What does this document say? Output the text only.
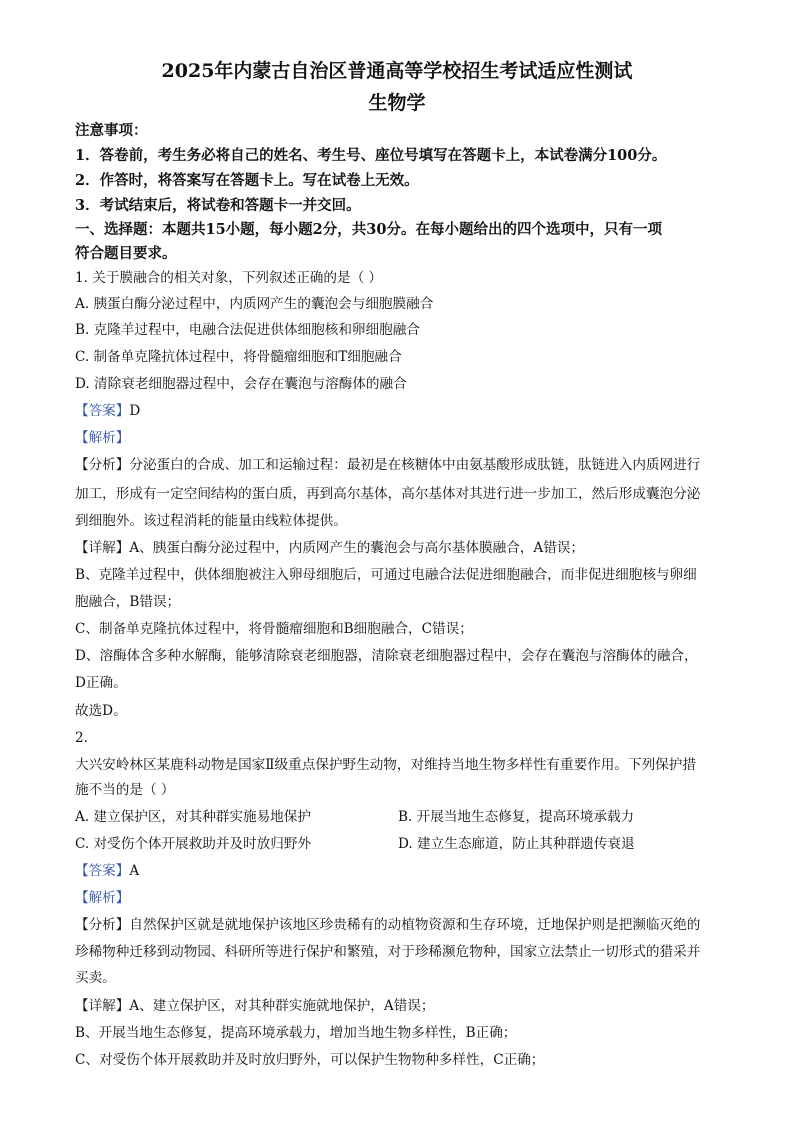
2025年内蒙古自治区普通高等学校招生考试适应性测试
生物学
注意事项：
1．答卷前，考生务必将自己的姓名、考生号、座位号填写在答题卡上，本试卷满分100分。
2．作答时，将答案写在答题卡上。写在试卷上无效。
3．考试结束后，将试卷和答题卡一并交回。
一、选择题：本题共15小题，每小题2分，共30分。在每小题给出的四个选项中，只有一项
符合题目要求。
1. 关于膜融合的相关对象，下列叙述正确的是（ ）
A. 胰蛋白酶分泌过程中，内质网产生的囊泡会与细胞膜融合
B. 克隆羊过程中，电融合法促进供体细胞核和卵细胞融合
C. 制备单克隆抗体过程中，将骨髓瘤细胞和T细胞融合
D. 清除衰老细胞器过程中，会存在囊泡与溶酶体的融合
【答案】D
【解析】
【分析】分泌蛋白的合成、加工和运输过程：最初是在核糖体中由氨基酸形成肽链，肽链进入内质网进行
加工，形成有一定空间结构的蛋白质，再到高尔基体，高尔基体对其进行进一步加工，然后形成囊泡分泌
到细胞外。该过程消耗的能量由线粒体提供。
【详解】A、胰蛋白酶分泌过程中，内质网产生的囊泡会与高尔基体膜融合，A错误；
B、克隆羊过程中，供体细胞被注入卵母细胞后，可通过电融合法促进细胞融合，而非促进细胞核与卵细
胞融合，B错误；
C、制备单克隆抗体过程中，将骨髓瘤细胞和B细胞融合，C错误；
D、溶酶体含多种水解酶，能够清除衰老细胞器，清除衰老细胞器过程中，会存在囊泡与溶酶体的融合，
D正确。
故选D。
2.
大兴安岭林区某鹿科动物是国家Ⅱ级重点保护野生动物，对维持当地生物多样性有重要作用。下列保护措
施不当的是（ ）
A. 建立保护区，对其种群实施易地保护	B. 开展当地生态修复，提高环境承载力
C. 对受伤个体开展救助并及时放归野外	D. 建立生态廊道，防止其种群遗传衰退
【答案】A
【解析】
【分析】自然保护区就是就地保护该地区珍贵稀有的动植物资源和生存环境，迁地保护则是把濒临灭绝的
珍稀物种迁移到动物园、科研所等进行保护和繁殖，对于珍稀濒危物种，国家立法禁止一切形式的猎采并
买卖。
【详解】A、建立保护区，对其种群实施就地保护，A错误；
B、开展当地生态修复，提高环境承载力，增加当地生物多样性，B正确；
C、对受伤个体开展救助并及时放归野外，可以保护生物物种多样性，C正确；
